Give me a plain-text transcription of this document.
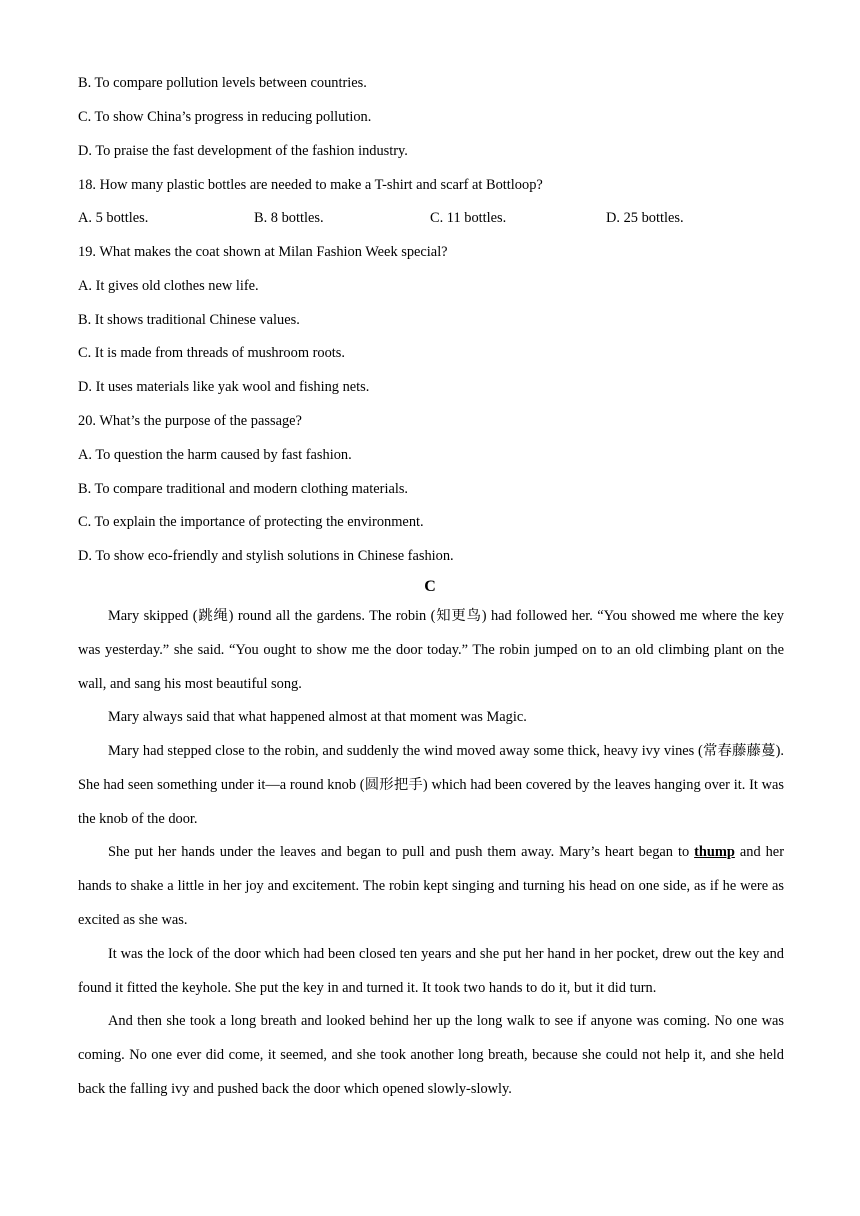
B. To compare pollution levels between countries.
C. To show China’s progress in reducing pollution.
D. To praise the fast development of the fashion industry.
18. How many plastic bottles are needed to make a T-shirt and scarf at Bottloop?
A. 5 bottles.	B. 8 bottles.	C. 11 bottles.	D. 25 bottles.
19. What makes the coat shown at Milan Fashion Week special?
A. It gives old clothes new life.
B. It shows traditional Chinese values.
C. It is made from threads of mushroom roots.
D. It uses materials like yak wool and fishing nets.
20. What’s the purpose of the passage?
A. To question the harm caused by fast fashion.
B. To compare traditional and modern clothing materials.
C. To explain the importance of protecting the environment.
D. To show eco-friendly and stylish solutions in Chinese fashion.
C
Mary skipped (跳绳) round all the gardens. The robin (知更鸟) had followed her. “You showed me where the key was yesterday.” she said. “You ought to show me the door today.” The robin jumped on to an old climbing plant on the wall, and sang his most beautiful song.
Mary always said that what happened almost at that moment was Magic.
Mary had stepped close to the robin, and suddenly the wind moved away some thick, heavy ivy vines (常春藤藤蔓). She had seen something under it—a round knob (圆形把手) which had been covered by the leaves hanging over it. It was the knob of the door.
She put her hands under the leaves and began to pull and push them away. Mary’s heart began to thump and her hands to shake a little in her joy and excitement. The robin kept singing and turning his head on one side, as if he were as excited as she was.
It was the lock of the door which had been closed ten years and she put her hand in her pocket, drew out the key and found it fitted the keyhole. She put the key in and turned it. It took two hands to do it, but it did turn.
And then she took a long breath and looked behind her up the long walk to see if anyone was coming. No one was coming. No one ever did come, it seemed, and she took another long breath, because she could not help it, and she held back the falling ivy and pushed back the door which opened slowly-slowly.
